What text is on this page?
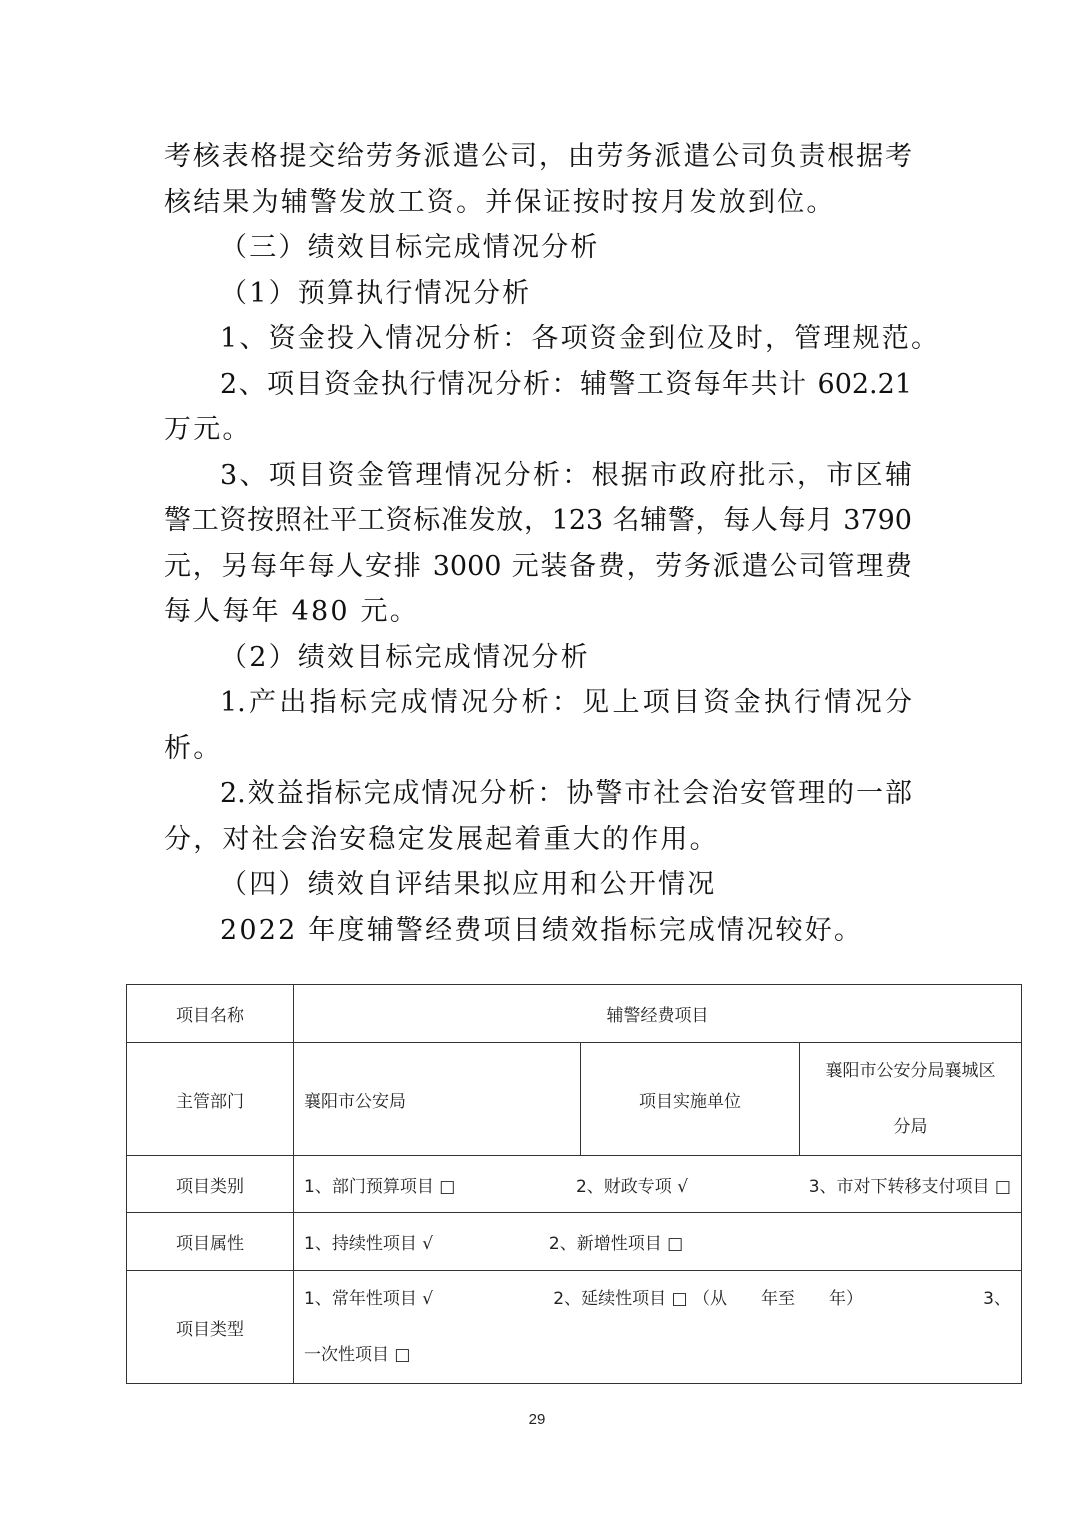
考核表格提交给劳务派遣公司，由劳务派遣公司负责根据考
核结果为辅警发放工资。并保证按时按月发放到位。
（三）绩效目标完成情况分析
（1）预算执行情况分析
1、资金投入情况分析：各项资金到位及时，管理规范。
2、项目资金执行情况分析：辅警工资每年共计 602.21
万元。
3、项目资金管理情况分析：根据市政府批示，市区辅
警工资按照社平工资标准发放，123 名辅警，每人每月 3790
元，另每年每人安排 3000 元装备费，劳务派遣公司管理费
每人每年 480 元。
（2）绩效目标完成情况分析
1.产出指标完成情况分析：见上项目资金执行情况分
析。
2.效益指标完成情况分析：协警市社会治安管理的一部
分，对社会治安稳定发展起着重大的作用。
（四）绩效自评结果拟应用和公开情况
2022 年度辅警经费项目绩效指标完成情况较好。
项目名称	辅警经费项目		
主管部门	襄阳市公安局	项目实施单位	襄阳市公安分局襄城区
分局

项目类别	1、部门预算项目 □ 2、财政专项 √ 3、市对下转移支付项目 □		

项目属性	1、持续性项目 √ 2、新增性项目 □		
项目类型	1、常年性项目 √ 2、延续性项目 □ （从　　年至　　年） 3、
一次性项目 □		
29
